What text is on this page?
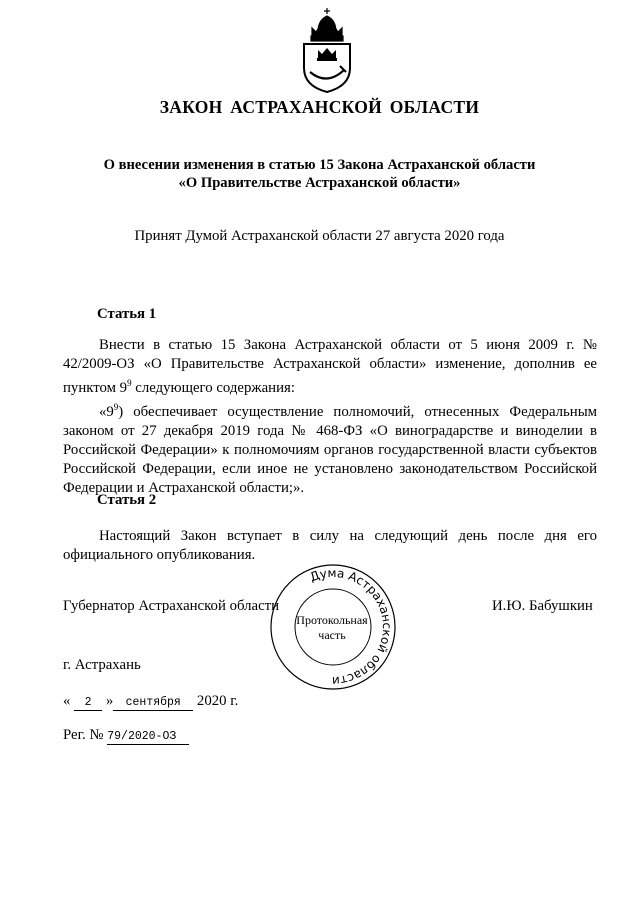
ЗАКОН АСТРАХАНСКОЙ ОБЛАСТИ
О внесении изменения в статью 15 Закона Астраханской области
«О Правительстве Астраханской области»
Принят Думой Астраханской области 27 августа 2020 года
Статья 1

Внести в статью 15 Закона Астраханской области от 5 июня 2009 г. № 42/2009-ОЗ «О Правительстве Астраханской области» изменение, дополнив ее пунктом $9^9$ следующего содержания:

«$9^9$) обеспечивает осуществление полномочий, отнесенных Федеральным законом от 27 декабря 2019 года № 468-ФЗ «О виноградарстве и виноделии в Российской Федерации» к полномочиям органов государственной власти субъектов Российской Федерации, если иное не установлено законодательством Российской Федерации и Астраханской области;».

Статья 2

Настоящий Закон вступает в силу на следующий день после дня его официального опубликования.

Губернатор Астраханской области	И.Ю. Бабушкин
Дума Астраханской области
Протокольная
часть
г. Астрахань
« 2 » сентября 2020 г.
Рег. № 79/2020-ОЗ
